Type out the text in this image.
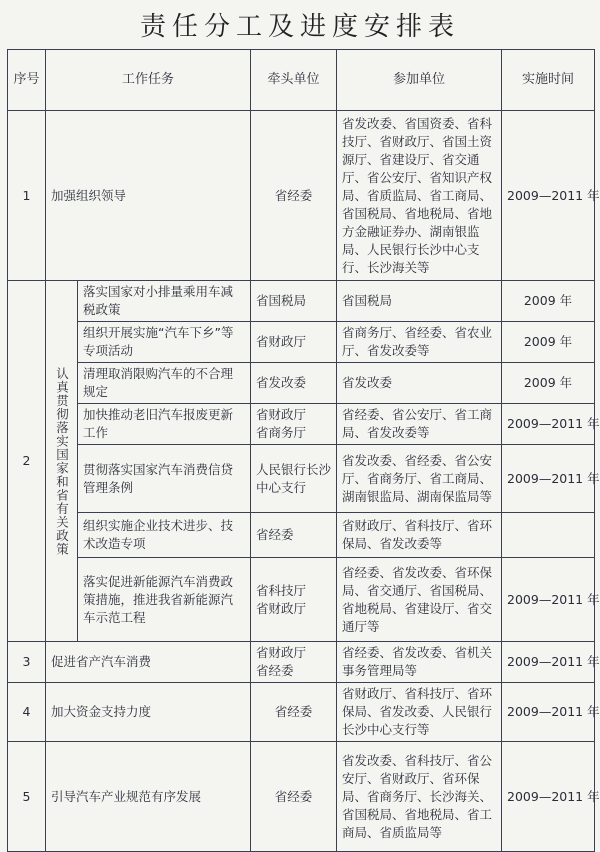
责任分工及进度安排表
序号	工作任务		牵头单位	参加单位	实施时间
1	加强组织领导		省经委	省发改委、省国资委、省科技厅、省财政厅、省国土资源厅、省建设厅、省交通厅、省公安厅、省知识产权局、省质监局、省工商局、省国税局、省地税局、省地方金融证券办、湖南银监局、人民银行长沙中心支行、长沙海关等	2009—2011 年
2	认真贯彻落实国家和省有关政策	落实国家对小排量乘用车减税政策	省国税局	省国税局	2009 年
		组织开展实施“汽车下乡”等专项活动	省财政厅	省商务厅、省经委、省农业厅、省发改委等	2009 年
		清理取消限购汽车的不合理规定	省发改委	省发改委	2009 年
		加快推动老旧汽车报废更新工作	省财政厅
省商务厅	省经委、省公安厅、省工商局、省发改委等	2009—2011 年
		贯彻落实国家汽车消费信贷管理条例	人民银行长沙中心支行	省发改委、省经委、省公安厅、省商务厅、省工商局、湖南银监局、湖南保监局等	2009—2011 年
		组织实施企业技术进步、技术改造专项	省经委	省财政厅、省科技厅、省环保局、省发改委等	
		落实促进新能源汽车消费政策措施，推进我省新能源汽车示范工程	省科技厅
省财政厅	省经委、省发改委、省环保局、省交通厅、省国税局、省地税局、省建设厅、省交通厅等	2009—2011 年
3	促进省产汽车消费		省财政厅
省经委	省经委、省发改委、省机关事务管理局等	2009—2011 年
4	加大资金支持力度		省经委	省财政厅、省科技厅、省环保局、省发改委、人民银行长沙中心支行等	2009—2011 年
5	引导汽车产业规范有序发展		省经委	省发改委、省科技厅、省公安厅、省财政厅、省环保局、省商务厅、长沙海关、省国税局、省地税局、省工商局、省质监局等	2009—2011 年
